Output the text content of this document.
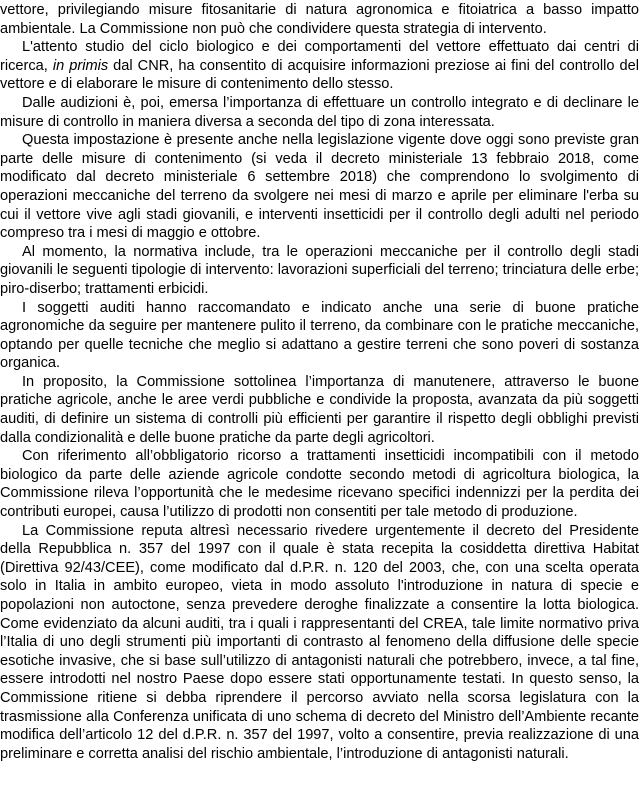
vettore, privilegiando misure fitosanitarie di natura agronomica e fitoiatrica a basso impatto ambientale. La Commissione non può che condividere questa strategia di intervento.

L'attento studio del ciclo biologico e dei comportamenti del vettore effettuato dai centri di ricerca, in primis dal CNR, ha consentito di acquisire informazioni preziose ai fini del controllo del vettore e di elaborare le misure di contenimento dello stesso.

Dalle audizioni è, poi, emersa l’importanza di effettuare un controllo integrato e di declinare le misure di controllo in maniera diversa a seconda del tipo di zona interessata.

Questa impostazione è presente anche nella legislazione vigente dove oggi sono previste gran parte delle misure di contenimento (si veda il decreto ministeriale 13 febbraio 2018, come modificato dal decreto ministeriale 6 settembre 2018) che comprendono lo svolgimento di operazioni meccaniche del terreno da svolgere nei mesi di marzo e aprile per eliminare l'erba su cui il vettore vive agli stadi giovanili, e interventi insetticidi per il controllo degli adulti nel periodo compreso tra i mesi di maggio e ottobre.

Al momento, la normativa include, tra le operazioni meccaniche per il controllo degli stadi giovanili le seguenti tipologie di intervento: lavorazioni superficiali del terreno; trinciatura delle erbe; piro-diserbo; trattamenti erbicidi.

I soggetti auditi hanno raccomandato e indicato anche una serie di buone pratiche agronomiche da seguire per mantenere pulito il terreno, da combinare con le pratiche meccaniche, optando per quelle tecniche che meglio si adattano a gestire terreni che sono poveri di sostanza organica.

In proposito, la Commissione sottolinea l’importanza di manutenere, attraverso le buone pratiche agricole, anche le aree verdi pubbliche e condivide la proposta, avanzata da più soggetti auditi, di definire un sistema di controlli più efficienti per garantire il rispetto degli obblighi previsti dalla condizionalità e delle buone pratiche da parte degli agricoltori.

Con riferimento all’obbligatorio ricorso a trattamenti insetticidi incompatibili con il metodo biologico da parte delle aziende agricole condotte secondo metodi di agricoltura biologica, la Commissione rileva l’opportunità che le medesime ricevano specifici indennizzi per la perdita dei contributi europei, causa l’utilizzo di prodotti non consentiti per tale metodo di produzione.

La Commissione reputa altresì necessario rivedere urgentemente il decreto del Presidente della Repubblica n. 357 del 1997 con il quale è stata recepita la cosiddetta direttiva Habitat (Direttiva 92/43/CEE), come modificato dal d.P.R. n. 120 del 2003, che, con una scelta operata solo in Italia in ambito europeo, vieta in modo assoluto l'introduzione in natura di specie e popolazioni non autoctone, senza prevedere deroghe finalizzate a consentire la lotta biologica. Come evidenziato da alcuni auditi, tra i quali i rappresentanti del CREA, tale limite normativo priva l’Italia di uno degli strumenti più importanti di contrasto al fenomeno della diffusione delle specie esotiche invasive, che si base sull’utilizzo di antagonisti naturali che potrebbero, invece, a tal fine, essere introdotti nel nostro Paese dopo essere stati opportunamente testati. In questo senso, la Commissione ritiene si debba riprendere il percorso avviato nella scorsa legislatura con la trasmissione alla Conferenza unificata di uno schema di decreto del Ministro dell’Ambiente recante modifica dell’articolo 12 del d.P.R. n. 357 del 1997, volto a consentire, previa realizzazione di una preliminare e corretta analisi del rischio ambientale, l’introduzione di antagonisti naturali.
